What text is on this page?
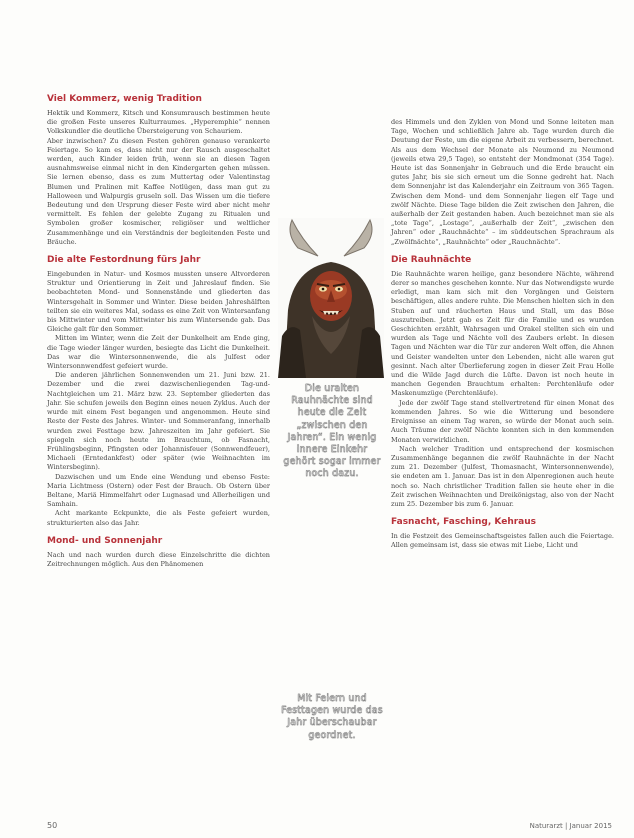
Viel Kommerz, wenig Tradition

Hektik und Kommerz, Kitsch und Konsumrausch bestimmen heute die großen Feste unseres Kulturraumes. „Hyperemphie“ nennen Volkskundler die deutliche Übersteigerung von Schauriem.

Aber inzwischen? Zu diesen Festen gehören genauso verankerte Feiertage. So kam es, dass nicht nur der Rausch ausgeschaltet werden, auch Kinder leiden früh, wenn sie an diesen Tagen ausnahmsweise einmal nicht in den Kindergarten gehen müssen. Sie lernen ebenso, dass es zum Muttertag oder Valentinstag Blumen und Pralinen mit Kaffee Notlügen, dass man gut zu Halloween und Walpurgis gruseln soll. Das Wissen um die tiefere Bedeutung und den Ursprung dieser Feste wird aber nicht mehr vermittelt. Es fehlen der gelebte Zugang zu Ritualen und Symbolen großer kosmischer, religiöser und weltlicher Zusammenhänge und ein Verständnis der begleitenden Feste und Bräuche.

Die alte Festordnung fürs Jahr

Eingebunden in Natur- und Kosmos mussten unsere Altvorderen Struktur und Orientierung in Zeit und Jahreslauf finden. Sie beobachteten Mond- und Sonnenstände und gliederten das Wintersgehalt in Sommer und Winter. Diese beiden Jahreshälften teilten sie ein weiteres Mal, sodass es eine Zeit von Wintersanfang bis Mittwinter und vom Mittwinter bis zum Wintersende gab. Das Gleiche galt für den Sommer.

Mitten im Winter, wenn die Zeit der Dunkelheit am Ende ging, die Tage wieder länger wurden, besiegte das Licht die Dunkelheit. Das war die Wintersonnenwende, die als Julfest oder Wintersonnwendfest gefeiert wurde.

Die anderen jährlichen Sonnenwenden um 21. Juni bzw. 21. Dezember und die zwei dazwischenliegenden Tag-und-Nachtgleichen um 21. März bzw. 23. September gliederten das Jahr. Sie schufen jeweils den Beginn eines neuen Zyklus. Auch der wurde mit einem Fest begangen und angenommen. Heute sind Reste der Feste des Jahres. Winter- und Sommeranfang, innerhalb wurden zwei Festtage bzw. Jahreszeiten im Jahr gefeiert. Sie spiegeln sich noch heute im Brauchtum, ob Fasnacht, Frühlingsbeginn, Pfingsten oder Johannisfeuer (Sonnwendfeuer), Michaeli (Erntedankfest) oder später (wie Weihnachten im Wintersbeginn).

Dazwischen und um Ende eine Wendung und ebenso Feste: Maria Lichtmess (Ostern) oder Fest der Brauch. Ob Ostern über Beltane, Mariä Himmelfahrt oder Lugnasad und Allerheiligen und Samhain.

Acht markante Eckpunkte, die als Feste gefeiert wurden, strukturierten also das Jahr.

Mond- und Sonnenjahr

Nach und nach wurden durch diese Einzelschritte die dichten Zeitrechnungen möglich. Aus den Phänomenen

Die uralten Rauhnächte sind heute die Zeit „zwischen den Jahren“. Ein wenig innere Einkehr gehört sogar immer noch dazu.
Mit Feiern und Festtagen wurde das Jahr überschaubar geordnet.

des Himmels und den Zyklen von Mond und Sonne leiteten man Tage, Wochen und schließlich Jahre ab. Tage wurden durch die Deutung der Feste, um die eigene Arbeit zu verbessern, berechnet. Als aus dem Wechsel der Monate als Neumond zu Neumond (jeweils etwa 29,5 Tage), so entsteht der Mondmonat (354 Tage). Heute ist das Sonnenjahr in Gebrauch und die Erde braucht ein gutes Jahr, bis sie sich erneut um die Sonne gedreht hat. Nach dem Sonnenjahr ist das Kalenderjahr ein Zeitraum von 365 Tagen. Zwischen dem Mond- und dem Sonnenjahr liegen elf Tage und zwölf Nächte. Diese Tage bilden die Zeit zwischen den Jahren, die außerhalb der Zeit gestanden haben. Auch bezeichnet man sie als „tote Tage“, „Lostage“, „außerhalb der Zeit“, „zwischen den Jahren“ oder „Rauchnächte“ – im süddeutschen Sprachraum als „Zwölfnächte“, „Rauhnächte“ oder „Rauchnächte“.

Die Rauhnächte

Die Rauhnächte waren heilige, ganz besondere Nächte, während derer so manches geschehen konnte. Nur das Notwendigste wurde erledigt, man kam sich mit den Vorgängen und Geistern beschäftigen, alles andere ruhte. Die Menschen hielten sich in den Stuben auf und räucherten Haus und Stall, um das Böse auszutreiben. Jetzt gab es Zeit für die Familie und es wurden Geschichten erzählt, Wahrsagen und Orakel stellten sich ein und wurden als Tage und Nächte voll des Zaubers erlebt. In diesen Tagen und Nächten war die Tür zur anderen Welt offen, die Ahnen und Geister wandelten unter den Lebenden, nicht alle waren gut gesinnt. Nach alter Überlieferung zogen in dieser Zeit Frau Holle und die Wilde Jagd durch die Lüfte. Davon ist noch heute in manchen Gegenden Brauchtum erhalten: Perchtenläufe oder Maskenumzüge (Perchtenläufe).

Jede der zwölf Tage stand stellvertretend für einen Monat des kommenden Jahres. So wie die Witterung und besondere Ereignisse an einem Tag waren, so würde der Monat auch sein. Auch Träume der zwölf Nächte konnten sich in den kommenden Monaten verwirklichen.

Nach welcher Tradition und entsprechend der kosmischen Zusammenhänge begannen die zwölf Rauhnächte in der Nacht zum 21. Dezember (Julfest, Thomasnacht, Wintersonnenwende), sie endeten am 1. Januar. Das ist in den Alpenregionen auch heute noch so. Nach christlicher Tradition fallen sie heute eher in die Zeit zwischen Weihnachten und Dreikönigstag, also von der Nacht zum 25. Dezember bis zum 6. Januar.

Fasnacht, Fasching, Kehraus

In die Festzeit des Gemeinschaftsgeistes fallen auch die Feiertage. Allen gemeinsam ist, dass sie etwas mit Liebe, Licht und

50	Naturarzt | Januar 2015
